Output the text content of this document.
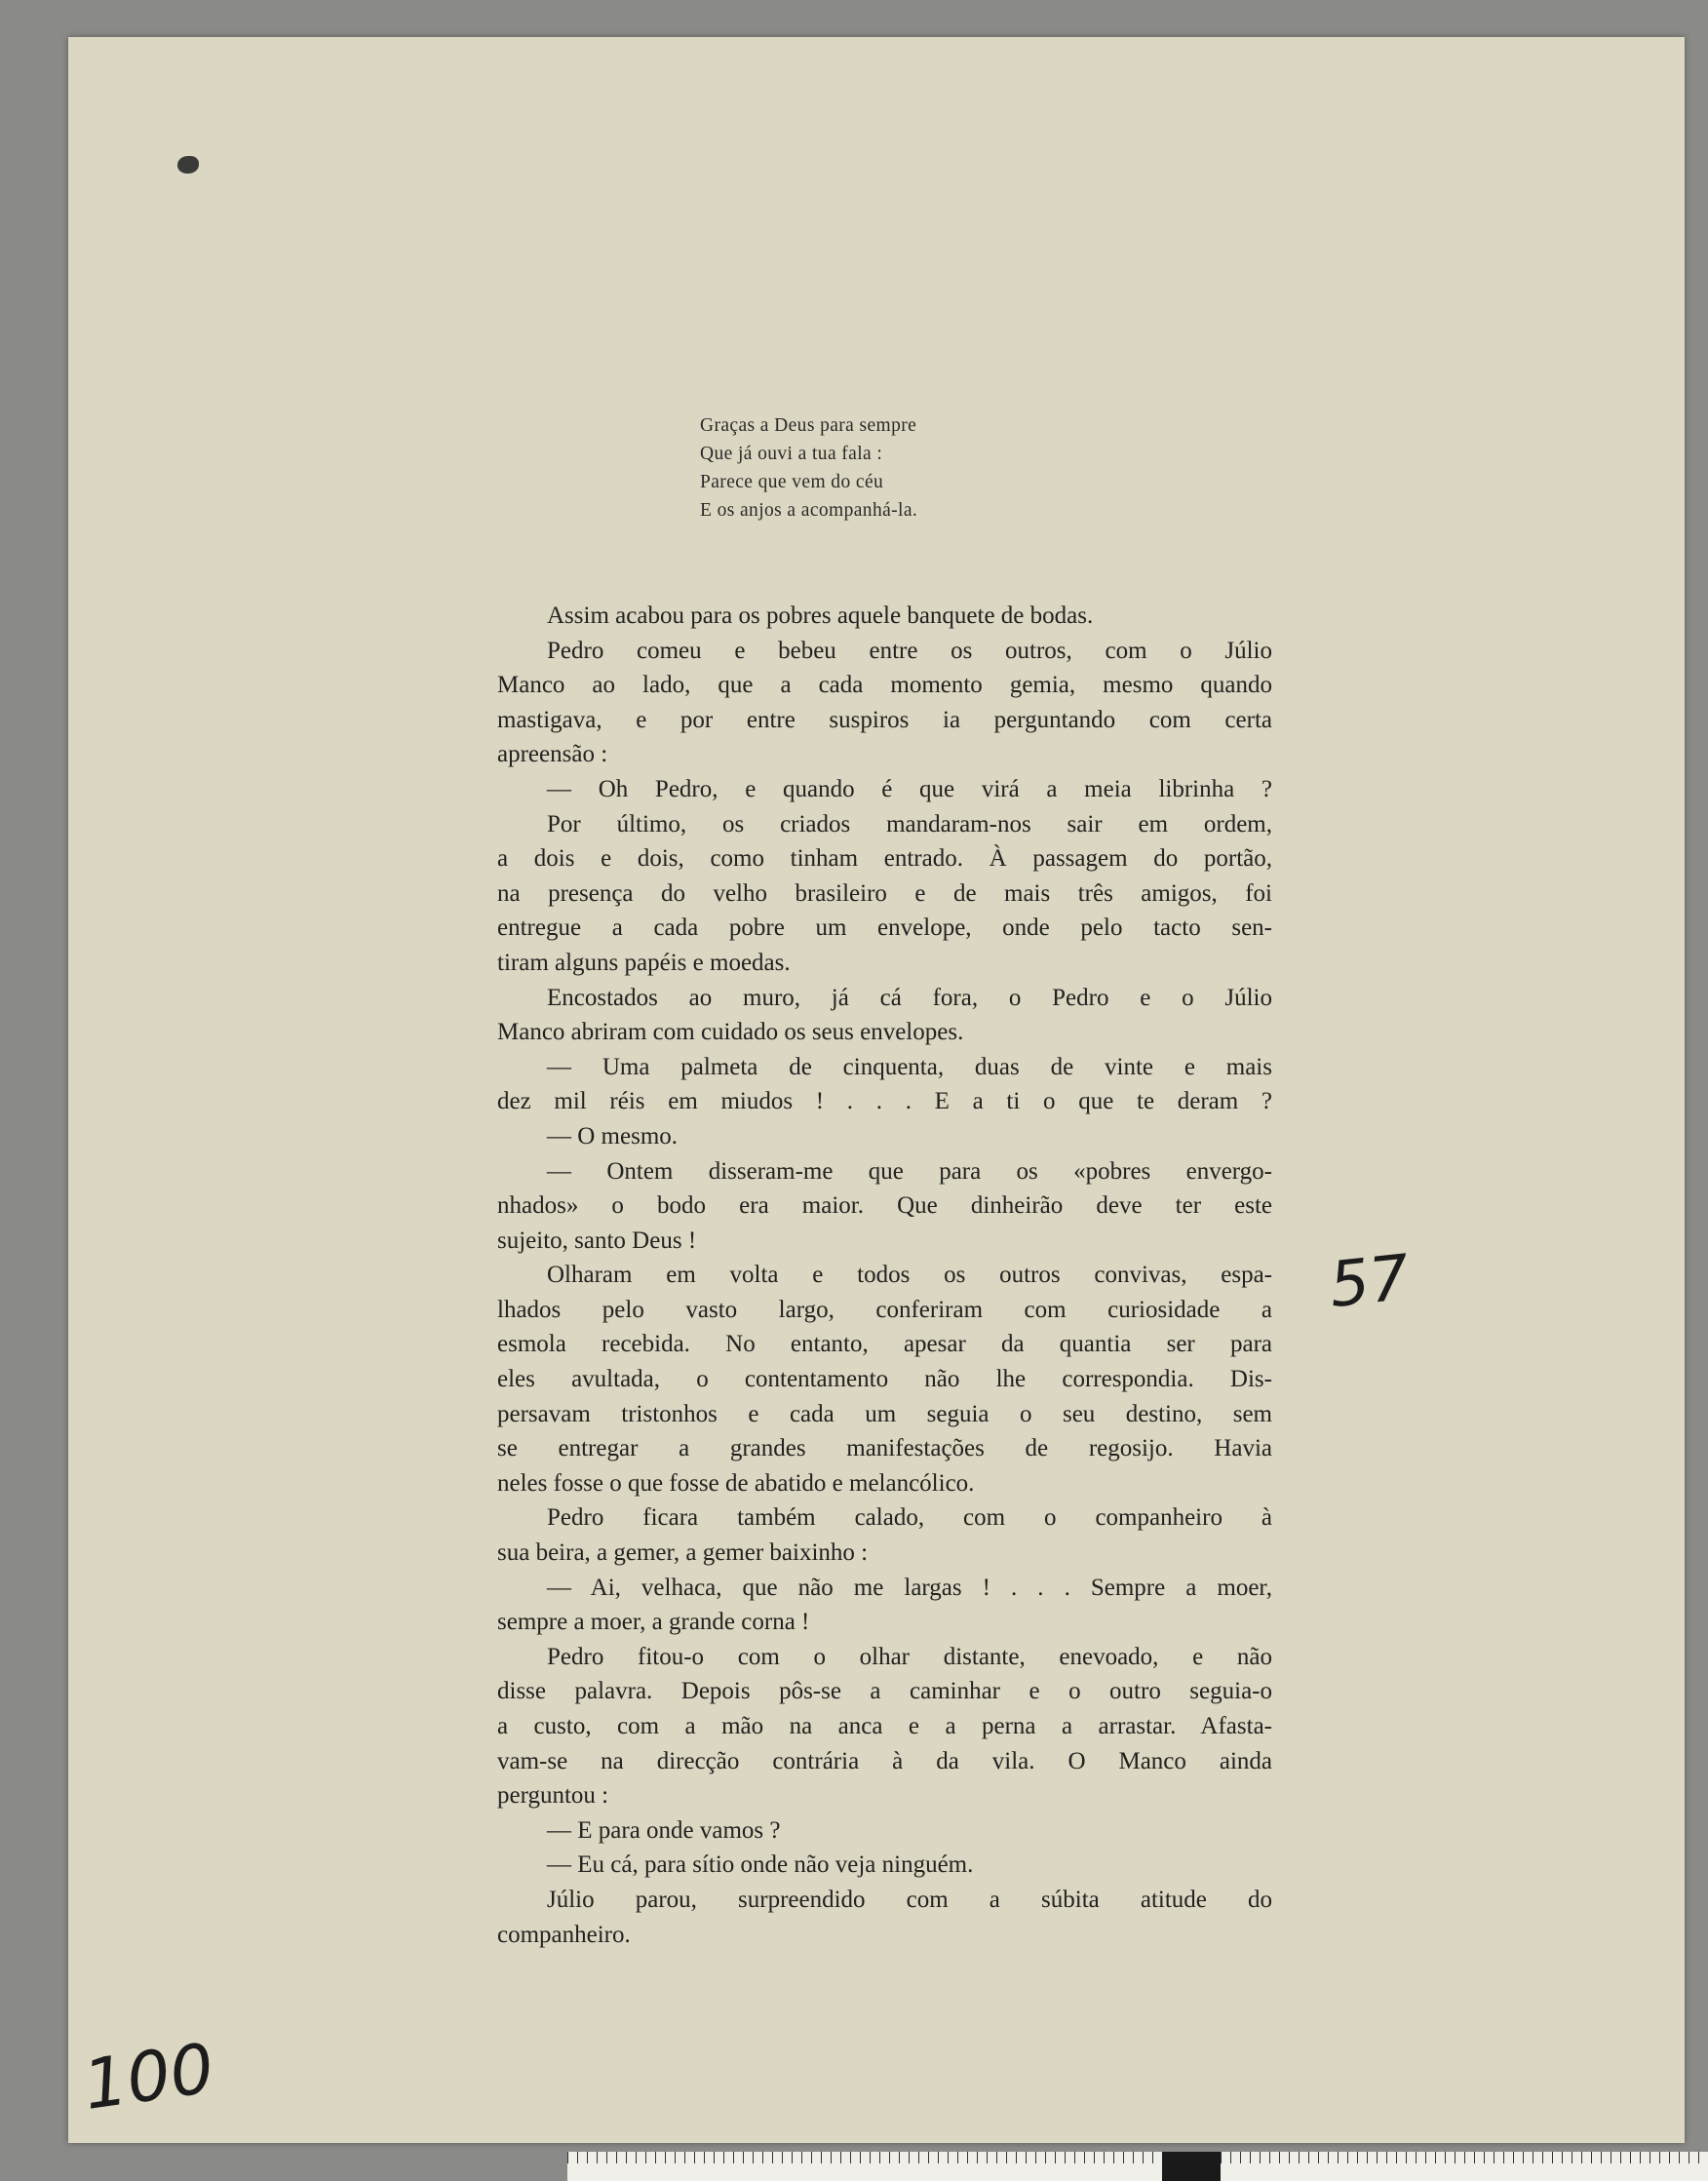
Graças a Deus para sempre
Que já ouvi a tua fala :
Parece que vem do céu
E os anjos a acompanhá-la.
Assim acabou para os pobres aquele banquete de bodas.
Pedro comeu e bebeu entre os outros, com o Júlio
Manco ao lado, que a cada momento gemia, mesmo quando
mastigava, e por entre suspiros ia perguntando com certa
apreensão :
— Oh Pedro, e quando é que virá a meia librinha ?
Por último, os criados mandaram-nos sair em ordem,
a dois e dois, como tinham entrado. À passagem do portão,
na presença do velho brasileiro e de mais três amigos, foi
entregue a cada pobre um envelope, onde pelo tacto sen-
tiram alguns papéis e moedas.
Encostados ao muro, já cá fora, o Pedro e o Júlio
Manco abriram com cuidado os seus envelopes.
— Uma palmeta de cinquenta, duas de vinte e mais
dez mil réis em miudos ! . . . E a ti o que te deram ?
— O mesmo.
— Ontem disseram-me que para os «pobres envergo-
nhados» o bodo era maior. Que dinheirão deve ter este
sujeito, santo Deus !
Olharam em volta e todos os outros convivas, espa-
lhados pelo vasto largo, conferiram com curiosidade a
esmola recebida. No entanto, apesar da quantia ser para
eles avultada, o contentamento não lhe correspondia. Dis-
persavam tristonhos e cada um seguia o seu destino, sem
se entregar a grandes manifestações de regosijo. Havia
neles fosse o que fosse de abatido e melancólico.
Pedro ficara também calado, com o companheiro à
sua beira, a gemer, a gemer baixinho :
— Ai, velhaca, que não me largas ! . . . Sempre a moer,
sempre a moer, a grande corna !
Pedro fitou-o com o olhar distante, enevoado, e não
disse palavra. Depois pôs-se a caminhar e o outro seguia-o
a custo, com a mão na anca e a perna a arrastar. Afasta-
vam-se na direcção contrária à da vila. O Manco ainda
perguntou :
— E para onde vamos ?
— Eu cá, para sítio onde não veja ninguém.
Júlio parou, surpreendido com a súbita atitude do
companheiro.
57
100
